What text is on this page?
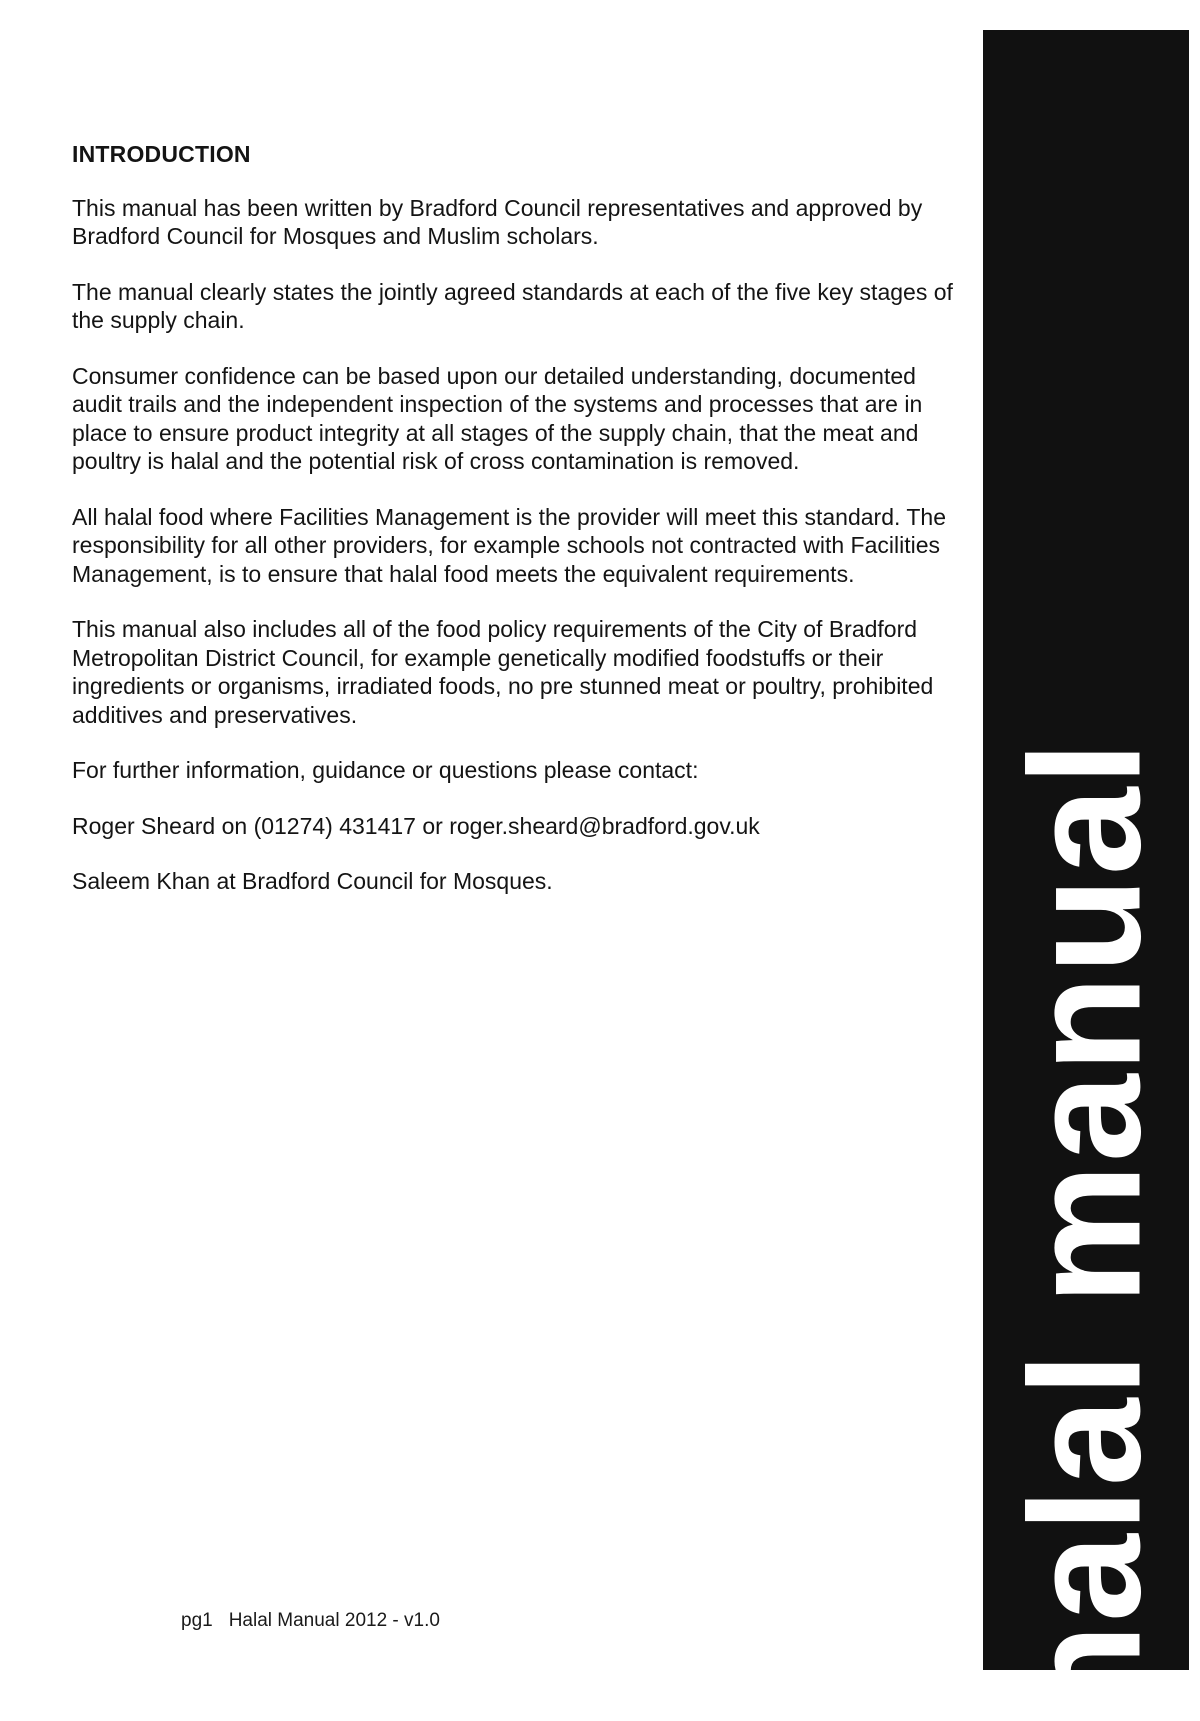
INTRODUCTION

This manual has been written by Bradford Council representatives and approved by Bradford Council for Mosques and Muslim scholars.

The manual clearly states the jointly agreed standards at each of the five key stages of the supply chain.

Consumer confidence can be based upon our detailed understanding, documented audit trails and the independent inspection of the systems and processes that are in place to ensure product integrity at all stages of the supply chain, that the meat and poultry is halal and the potential risk of cross contamination is removed.

All halal food where Facilities Management is the provider will meet this standard. The responsibility for all other providers, for example schools not contracted with Facilities Management, is to ensure that halal food meets the equivalent requirements.

This manual also includes all of the food policy requirements of the City of Bradford Metropolitan District Council, for example genetically modified foodstuffs or their ingredients or organisms, irradiated foods, no pre stunned meat or poultry, prohibited additives and preservatives.

For further information, guidance or questions please contact:

Roger Sheard on (01274) 431417 or roger.sheard@bradford.gov.uk

Saleem Khan at Bradford Council for Mosques.

pg1 Halal Manual 2012 - v1.0	halal manual
